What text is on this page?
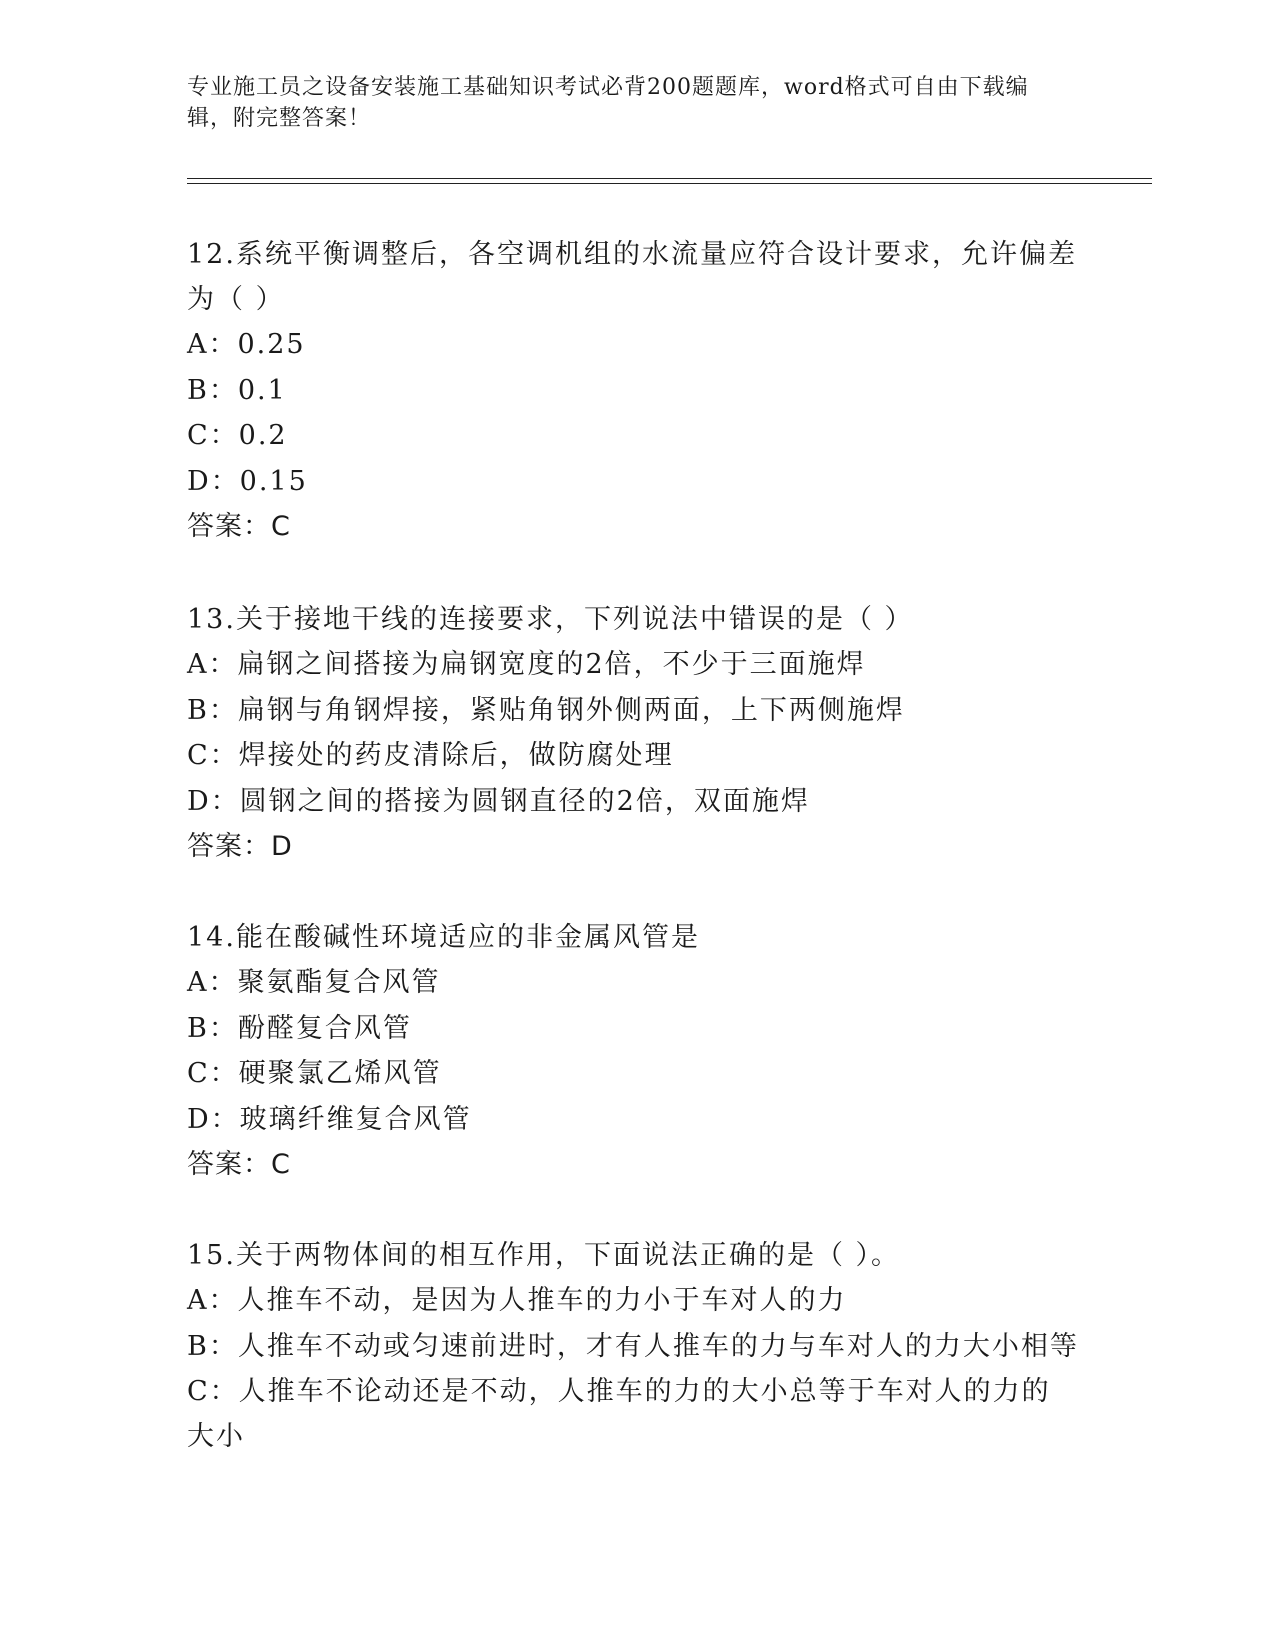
专业施工员之设备安装施工基础知识考试必背200题题库，word格式可自由下载编辑，附完整答案！
12.系统平衡调整后，各空调机组的水流量应符合设计要求，允许偏差为（ ）
A：0.25
B：0.1
C：0.2
D：0.15
答案：C
13.关于接地干线的连接要求，下列说法中错误的是（ ）
A：扁钢之间搭接为扁钢宽度的2倍，不少于三面施焊
B：扁钢与角钢焊接，紧贴角钢外侧两面，上下两侧施焊
C：焊接处的药皮清除后，做防腐处理
D：圆钢之间的搭接为圆钢直径的2倍，双面施焊
答案：D
14.能在酸碱性环境适应的非金属风管是
A：聚氨酯复合风管
B：酚醛复合风管
C：硬聚氯乙烯风管
D：玻璃纤维复合风管
答案：C
15.关于两物体间的相互作用，下面说法正确的是（ ）。
A：人推车不动，是因为人推车的力小于车对人的力
B：人推车不动或匀速前进时，才有人推车的力与车对人的力大小相等
C：人推车不论动还是不动，人推车的力的大小总等于车对人的力的大小
